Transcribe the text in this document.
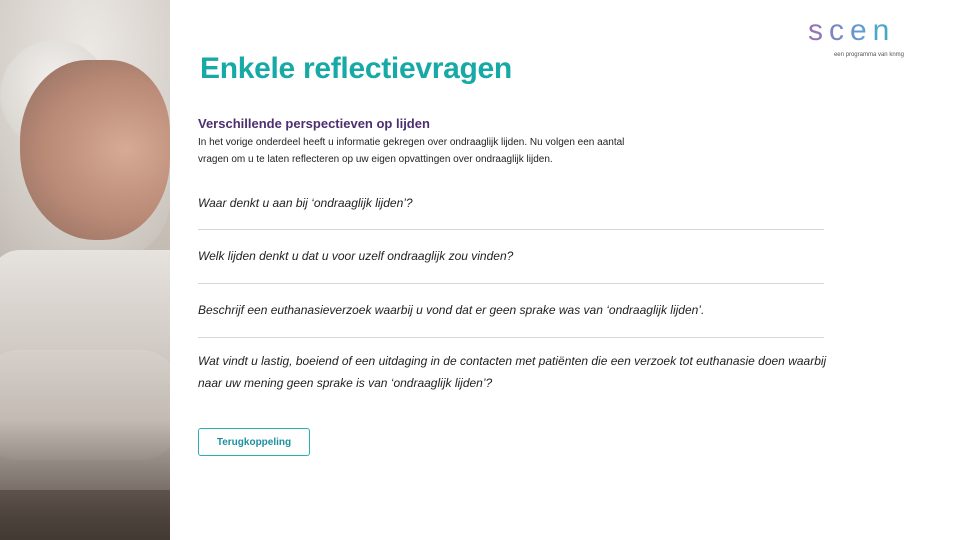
Enkele reflectievragen
scen
een programma van knmg
Verschillende perspectieven op lijden

In het vorige onderdeel heeft u informatie gekregen over ondraaglijk lijden. Nu volgen een aantal
vragen om u te laten reflecteren op uw eigen opvattingen over ondraaglijk lijden.

Waar denkt u aan bij ‘ondraaglijk lijden’?

Welk lijden denkt u dat u voor uzelf ondraaglijk zou vinden?

Beschrijf een euthanasieverzoek waarbij u vond dat er geen sprake was van ‘ondraaglijk lijden’.

Wat vindt u lastig, boeiend of een uitdaging in de contacten met patiënten die een verzoek tot euthanasie doen waarbij naar uw mening geen sprake is van ‘ondraaglijk lijden’?

Terugkoppeling
